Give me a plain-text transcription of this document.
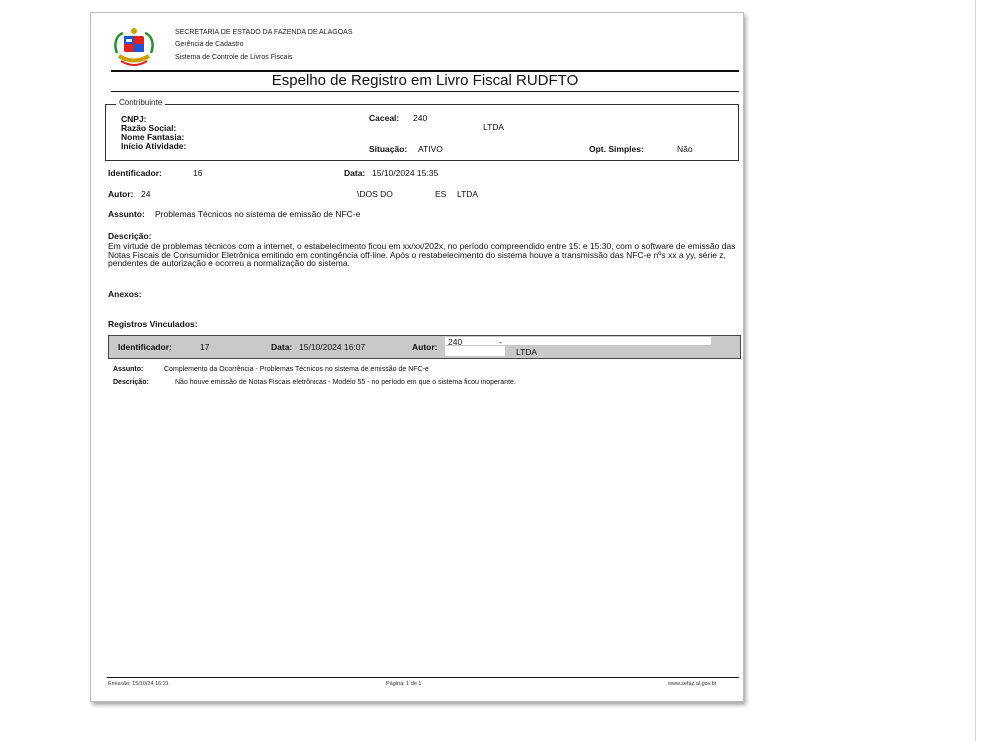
SECRETARIA DE ESTADO DA FAZENDA DE ALAGOAS
Gerência de Cadastro
Sistema de Controle de Livros Fiscais
Espelho de Registro em Livro Fiscal RUDFTO
Contribuinte
CNPJ:
Razão Social:
Nome Fantasia:
Início Atividade:
Caceal: 240
LTDA
Situação: ATIVO	Opt. Simples:	Não
Identificador:	16	Data: 15/10/2024 15:35
Autor: 24	\DOS DO	ES LTDA
Assunto: Problemas Técnicos no sistema de emissão de NFC-e
Descrição:
Em virtude de problemas técnicos com a internet, o estabelecimento ficou em xx/xx/202x, no período compreendido entre 15: e 15:30, com o software de emissão das Notas Fiscais de Consumidor Eletrônica emitindo em contingência off-line. Após o restabelecimento do sistema houve a transmissão das NFC-e nºs xx a yy, série z, pendentes de autorização e ocorreu a normalização do sistema.
Anexos:
Registros Vinculados:
Identificador:	17	Data: 15/10/2024 16:07	Autor: 240	-
LTDA
Assunto:	Complemento da Ocorrência - Problemas Técnicos no sistema de emissão de NFC-e
Descrição:	Não houve emissão de Notas Fiscais eletrônicas - Modelo 55 - no período em que o sistema ficou inoperante.
Emissão: 15/10/24 16:21	Página: 1 de 1	www.sefaz.al.gov.br
